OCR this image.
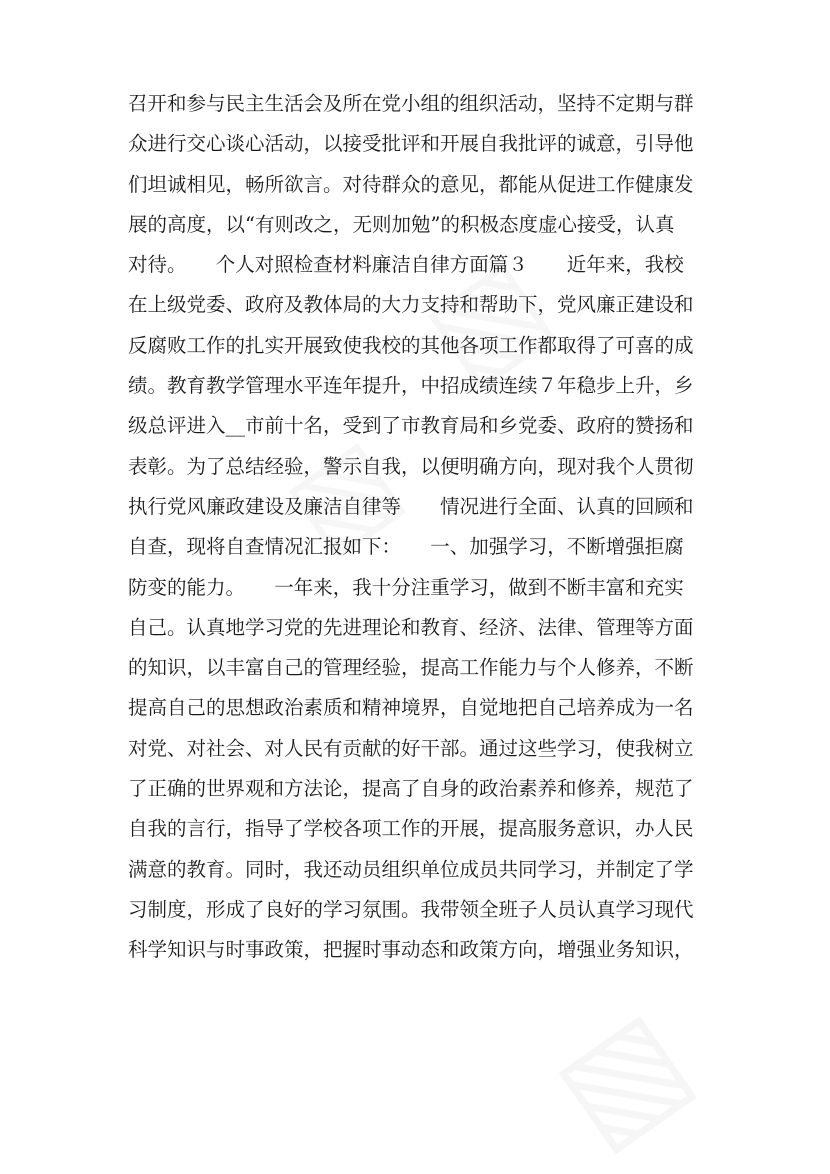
召开和参与民主生活会及所在党小组的组织活动，坚持不定期与群
众进行交心谈心活动，以接受批评和开展自我批评的诚意，引导他
们坦诚相见，畅所欲言。对待群众的意见，都能从促进工作健康发
展的高度，以“有则改之，无则加勉”的积极态度虚心接受，认真
对待。　　个人对照检查材料廉洁自律方面篇３　　近年来，我校
在上级党委、政府及教体局的大力支持和帮助下，党风廉正建设和
反腐败工作的扎实开展致使我校的其他各项工作都取得了可喜的成
绩。教育教学管理水平连年提升，中招成绩连续７年稳步上升，乡
级总评进入__市前十名，受到了市教育局和乡党委、政府的赞扬和
表彰。为了总结经验，警示自我，以便明确方向，现对我个人贯彻
执行党风廉政建设及廉洁自律等　　情况进行全面、认真的回顾和
自查，现将自查情况汇报如下：　　一、加强学习，不断增强拒腐
防变的能力。　　一年来，我十分注重学习，做到不断丰富和充实
自己。认真地学习党的先进理论和教育、经济、法律、管理等方面
的知识，以丰富自己的管理经验，提高工作能力与个人修养，不断
提高自己的思想政治素质和精神境界，自觉地把自己培养成为一名
对党、对社会、对人民有贡献的好干部。通过这些学习，使我树立
了正确的世界观和方法论，提高了自身的政治素养和修养，规范了
自我的言行，指导了学校各项工作的开展，提高服务意识，办人民
满意的教育。同时，我还动员组织单位成员共同学习，并制定了学
习制度，形成了良好的学习氛围。我带领全班子人员认真学习现代
科学知识与时事政策，把握时事动态和政策方向，增强业务知识，
